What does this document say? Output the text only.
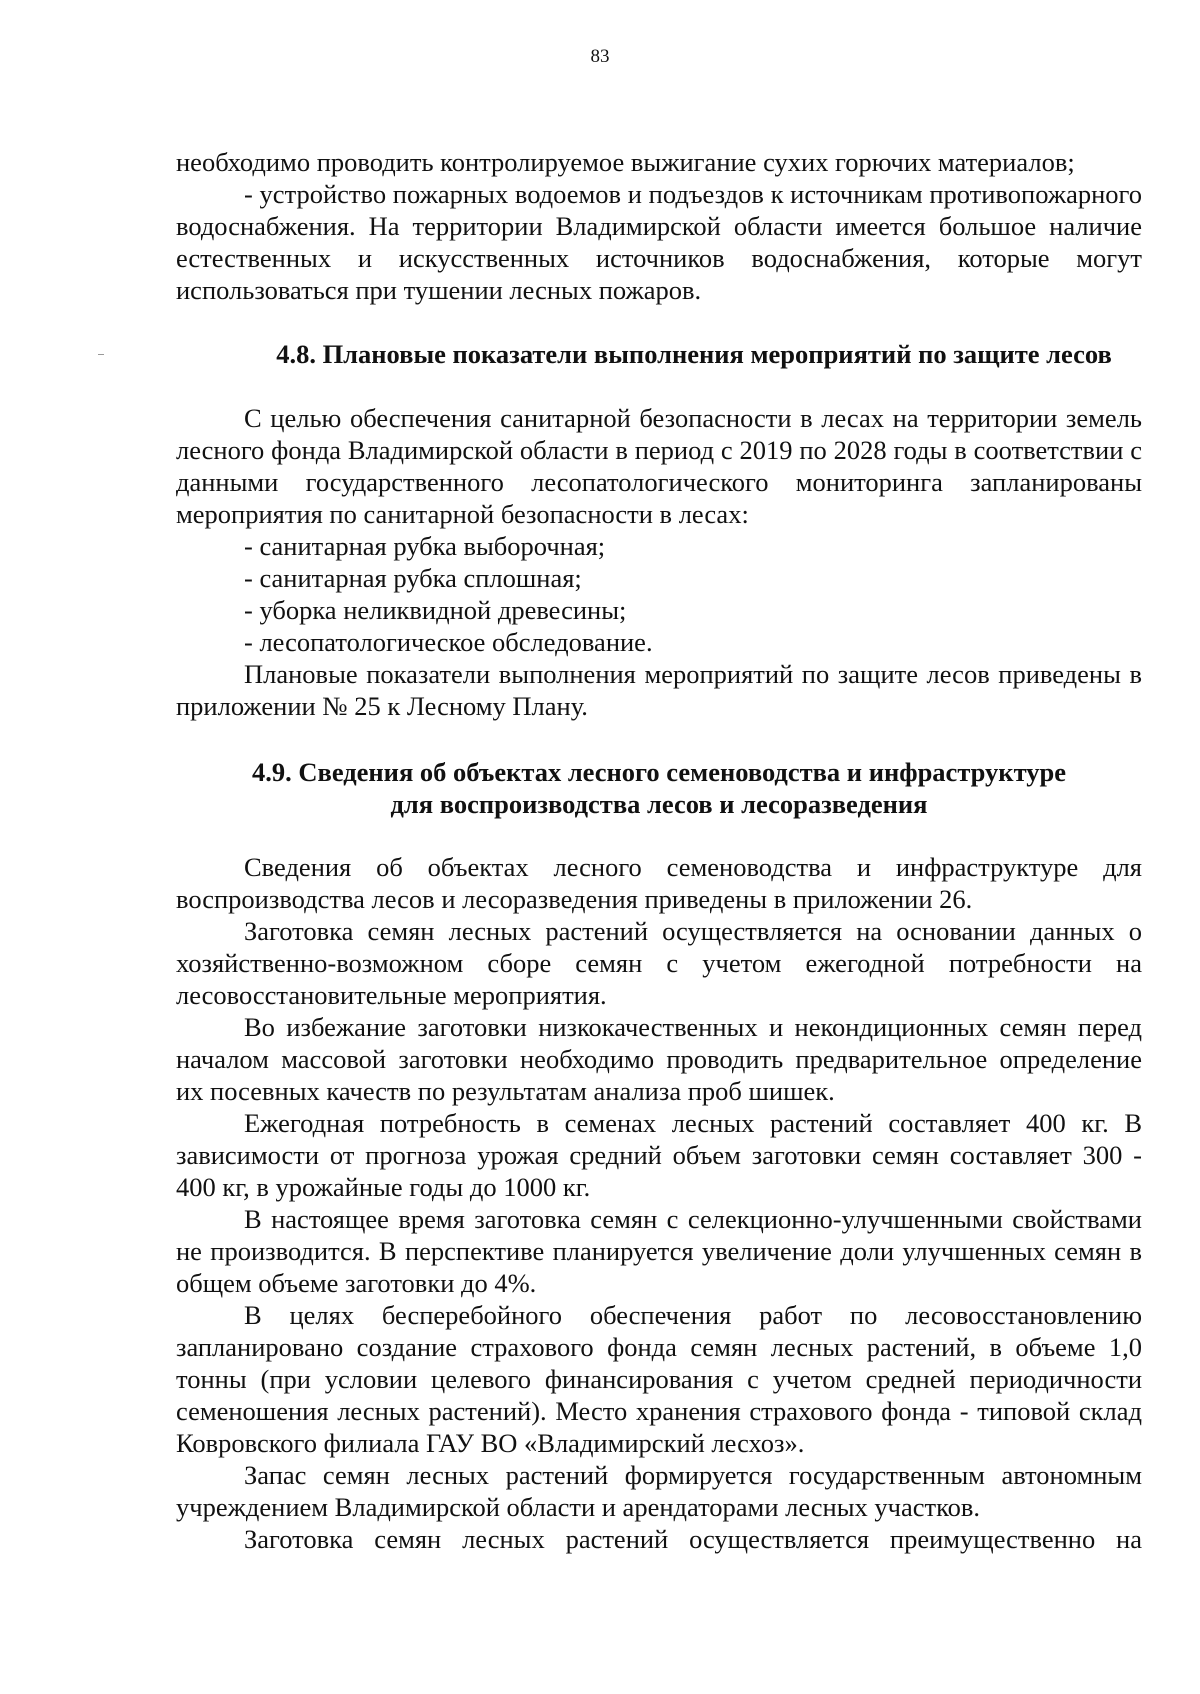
83

необходимо проводить контролируемое выжигание сухих горючих материалов;

- устройство пожарных водоемов и подъездов к источникам противопожарного водоснабжения. На территории Владимирской области имеется большое наличие естественных и искусственных источников водоснабжения, которые могут использоваться при тушении лесных пожаров.

4.8. Плановые показатели выполнения мероприятий по защите лесов

С целью обеспечения санитарной безопасности в лесах на территории земель лесного фонда Владимирской области в период с 2019 по 2028 годы в соответствии с данными государственного лесопатологического мониторинга запланированы мероприятия по санитарной безопасности в лесах:

- санитарная рубка выборочная;

- санитарная рубка сплошная;

- уборка неликвидной древесины;

- лесопатологическое обследование.

Плановые показатели выполнения мероприятий по защите лесов приведены в приложении № 25 к Лесному Плану.

4.9. Сведения об объектах лесного семеноводства и инфраструктуре
для воспроизводства лесов и лесоразведения

Сведения об объектах лесного семеноводства и инфраструктуре для воспроизводства лесов и лесоразведения приведены в приложении 26.

Заготовка семян лесных растений осуществляется на основании данных о хозяйственно-возможном сборе семян с учетом ежегодной потребности на лесовосстановительные мероприятия.

Во избежание заготовки низкокачественных и некондиционных семян перед началом массовой заготовки необходимо проводить предварительное определение их посевных качеств по результатам анализа проб шишек.

Ежегодная потребность в семенах лесных растений составляет 400 кг. В зависимости от прогноза урожая средний объем заготовки семян составляет 300 - 400 кг, в урожайные годы до 1000 кг.

В настоящее время заготовка семян с селекционно-улучшенными свойствами не производится. В перспективе планируется увеличение доли улучшенных семян в общем объеме заготовки до 4%.

В целях бесперебойного обеспечения работ по лесовосстановлению запланировано создание страхового фонда семян лесных растений, в объеме 1,0 тонны (при условии целевого финансирования с учетом средней периодичности семеношения лесных растений). Место хранения страхового фонда - типовой склад Ковровского филиала ГАУ ВО «Владимирский лесхоз».

Запас семян лесных растений формируется государственным автономным учреждением Владимирской области и арендаторами лесных участков.

Заготовка семян лесных растений осуществляется преимущественно на
